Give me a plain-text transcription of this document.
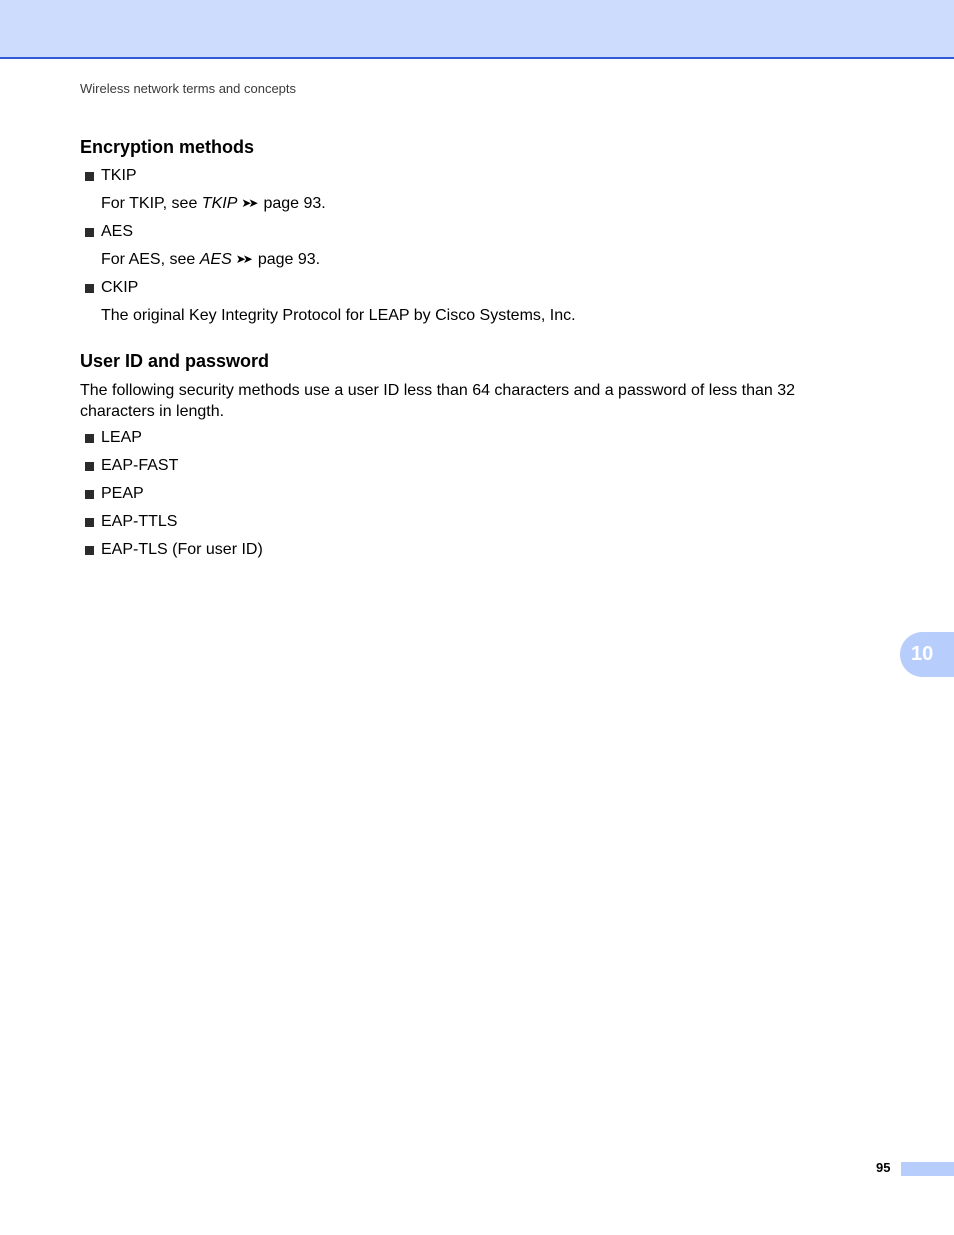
Wireless network terms and concepts
Encryption methods
TKIP
For TKIP, see TKIP ➤➤ page 93.
AES
For AES, see AES ➤➤ page 93.
CKIP
The original Key Integrity Protocol for LEAP by Cisco Systems, Inc.
User ID and password

The following security methods use a user ID less than 64 characters and a password of less than 32 characters in length.

LEAP
EAP-FAST
PEAP
EAP-TTLS
EAP-TLS (For user ID)
10
95
